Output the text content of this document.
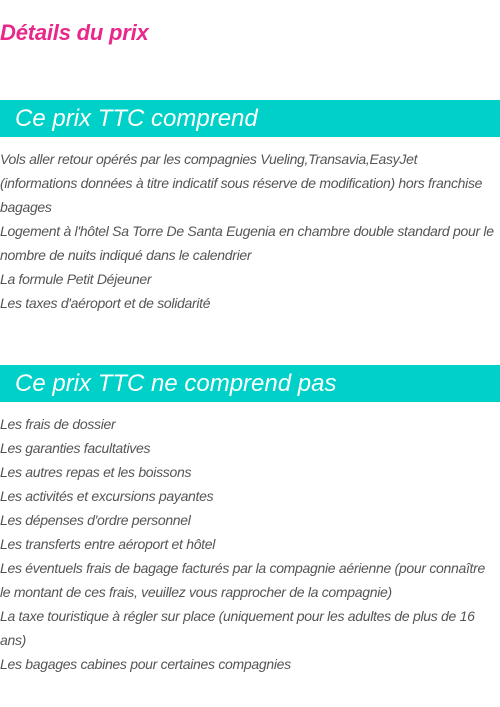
Détails du prix
Ce prix TTC comprend
Vols aller retour opérés par les compagnies Vueling,Transavia,EasyJet (informations données à titre indicatif sous réserve de modification) hors franchise bagages
Logement à l'hôtel Sa Torre De Santa Eugenia en chambre double standard pour le nombre de nuits indiqué dans le calendrier
La formule Petit Déjeuner
Les taxes d'aéroport et de solidarité
Ce prix TTC ne comprend pas
Les frais de dossier
Les garanties facultatives
Les autres repas et les boissons
Les activités et excursions payantes
Les dépenses d'ordre personnel
Les transferts entre aéroport et hôtel
Les éventuels frais de bagage facturés par la compagnie aérienne (pour connaître le montant de ces frais, veuillez vous rapprocher de la compagnie)
La taxe touristique à régler sur place (uniquement pour les adultes de plus de 16 ans)
Les bagages cabines pour certaines compagnies
